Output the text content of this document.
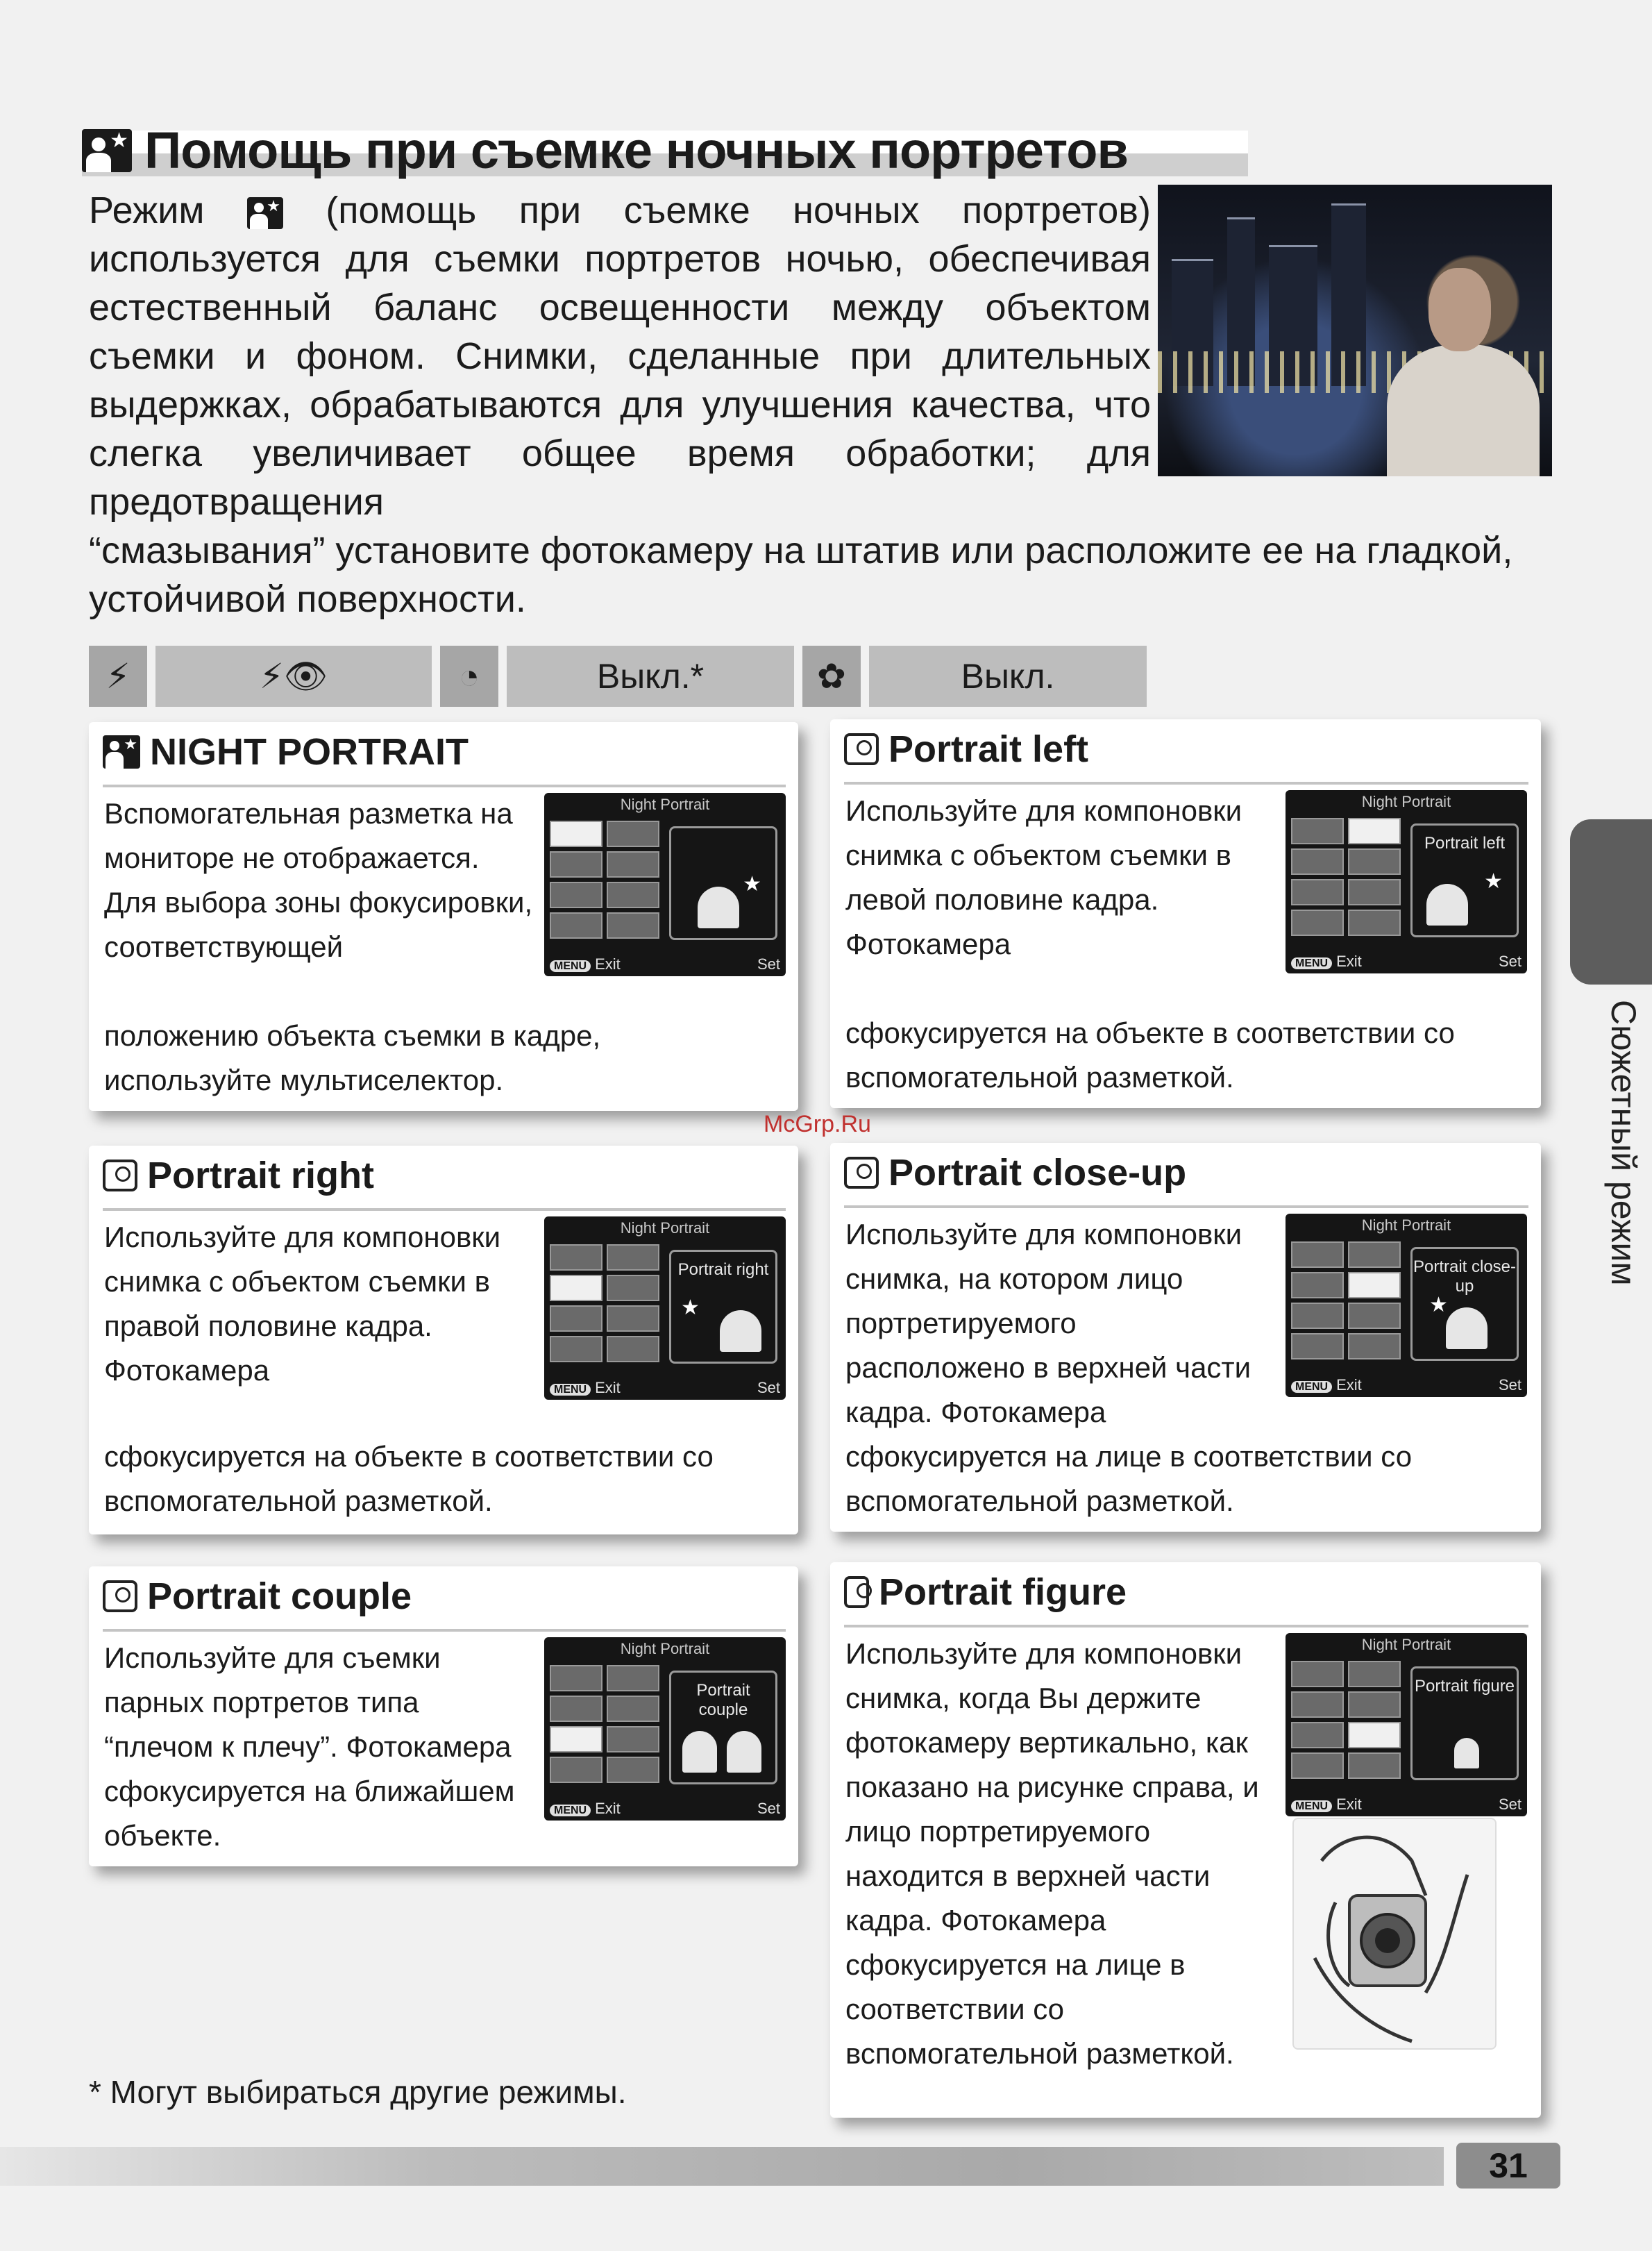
★ Помощь при съемке ночных портретов

Режим	★ (помощь при съемке ночных портретов) используется для съемки портретов ночью, обеспечивая естественный баланс освещенности между объектом съемки и фоном. Снимки, сделанные при длительных выдержках, обрабатываются для улучшения качества, что слегка увеличивает общее время обработки; для предотвращения

“смазывания” установите фотокамеру на штатив или расположите ее на гладкой, устойчивой поверхности.

⚡	⚡👁	◔	Выкл.*	✿	Выкл.
★ NIGHT PORTRAIT

Вспомогательная разметка на мониторе не отображается. Для выбора зоны фокусировки, соответствующей

положению объекта съемки в кадре, используйте мультиселектор.

Night Portrait
★
MENU Exit	Set
Portrait left

Используйте для компоновки снимка с объектом съемки в левой половине кадра. Фотокамера

сфокусируется на объекте в соответствии со вспомогательной разметкой.

Night Portrait
Portrait left
★
MENU Exit	Set
Portrait right

Используйте для компоновки снимка с объектом съемки в правой половине кадра. Фотокамера

сфокусируется на объекте в соответствии со вспомогательной разметкой.

Night Portrait
Portrait right
★
MENU Exit	Set
Portrait close-up

Используйте для компоновки снимка, на котором лицо портретируемого расположено в верхней части кадра. Фотокамера

сфокусируется на лице в соответствии со вспомогательной разметкой.

Night Portrait
Portrait close-up
★
MENU Exit	Set
Portrait couple

Используйте для съемки парных портретов типа “плечом к плечу”. Фотокамера сфокусируется на ближайшем объекте.

Night Portrait
Portrait couple
MENU Exit	Set
Portrait figure

Используйте для компоновки снимка, когда Вы держите фотокамеру вертикально, как показано на рисунке справа, и лицо портретируемого находится в верхней части кадра. Фотокамера сфокусируется на лице в соответствии со вспомогательной разметкой.

Night Portrait
Portrait figure
MENU Exit	Set
McGrp.Ru	Сюжетный режим
* Могут выбираться другие режимы.
31
